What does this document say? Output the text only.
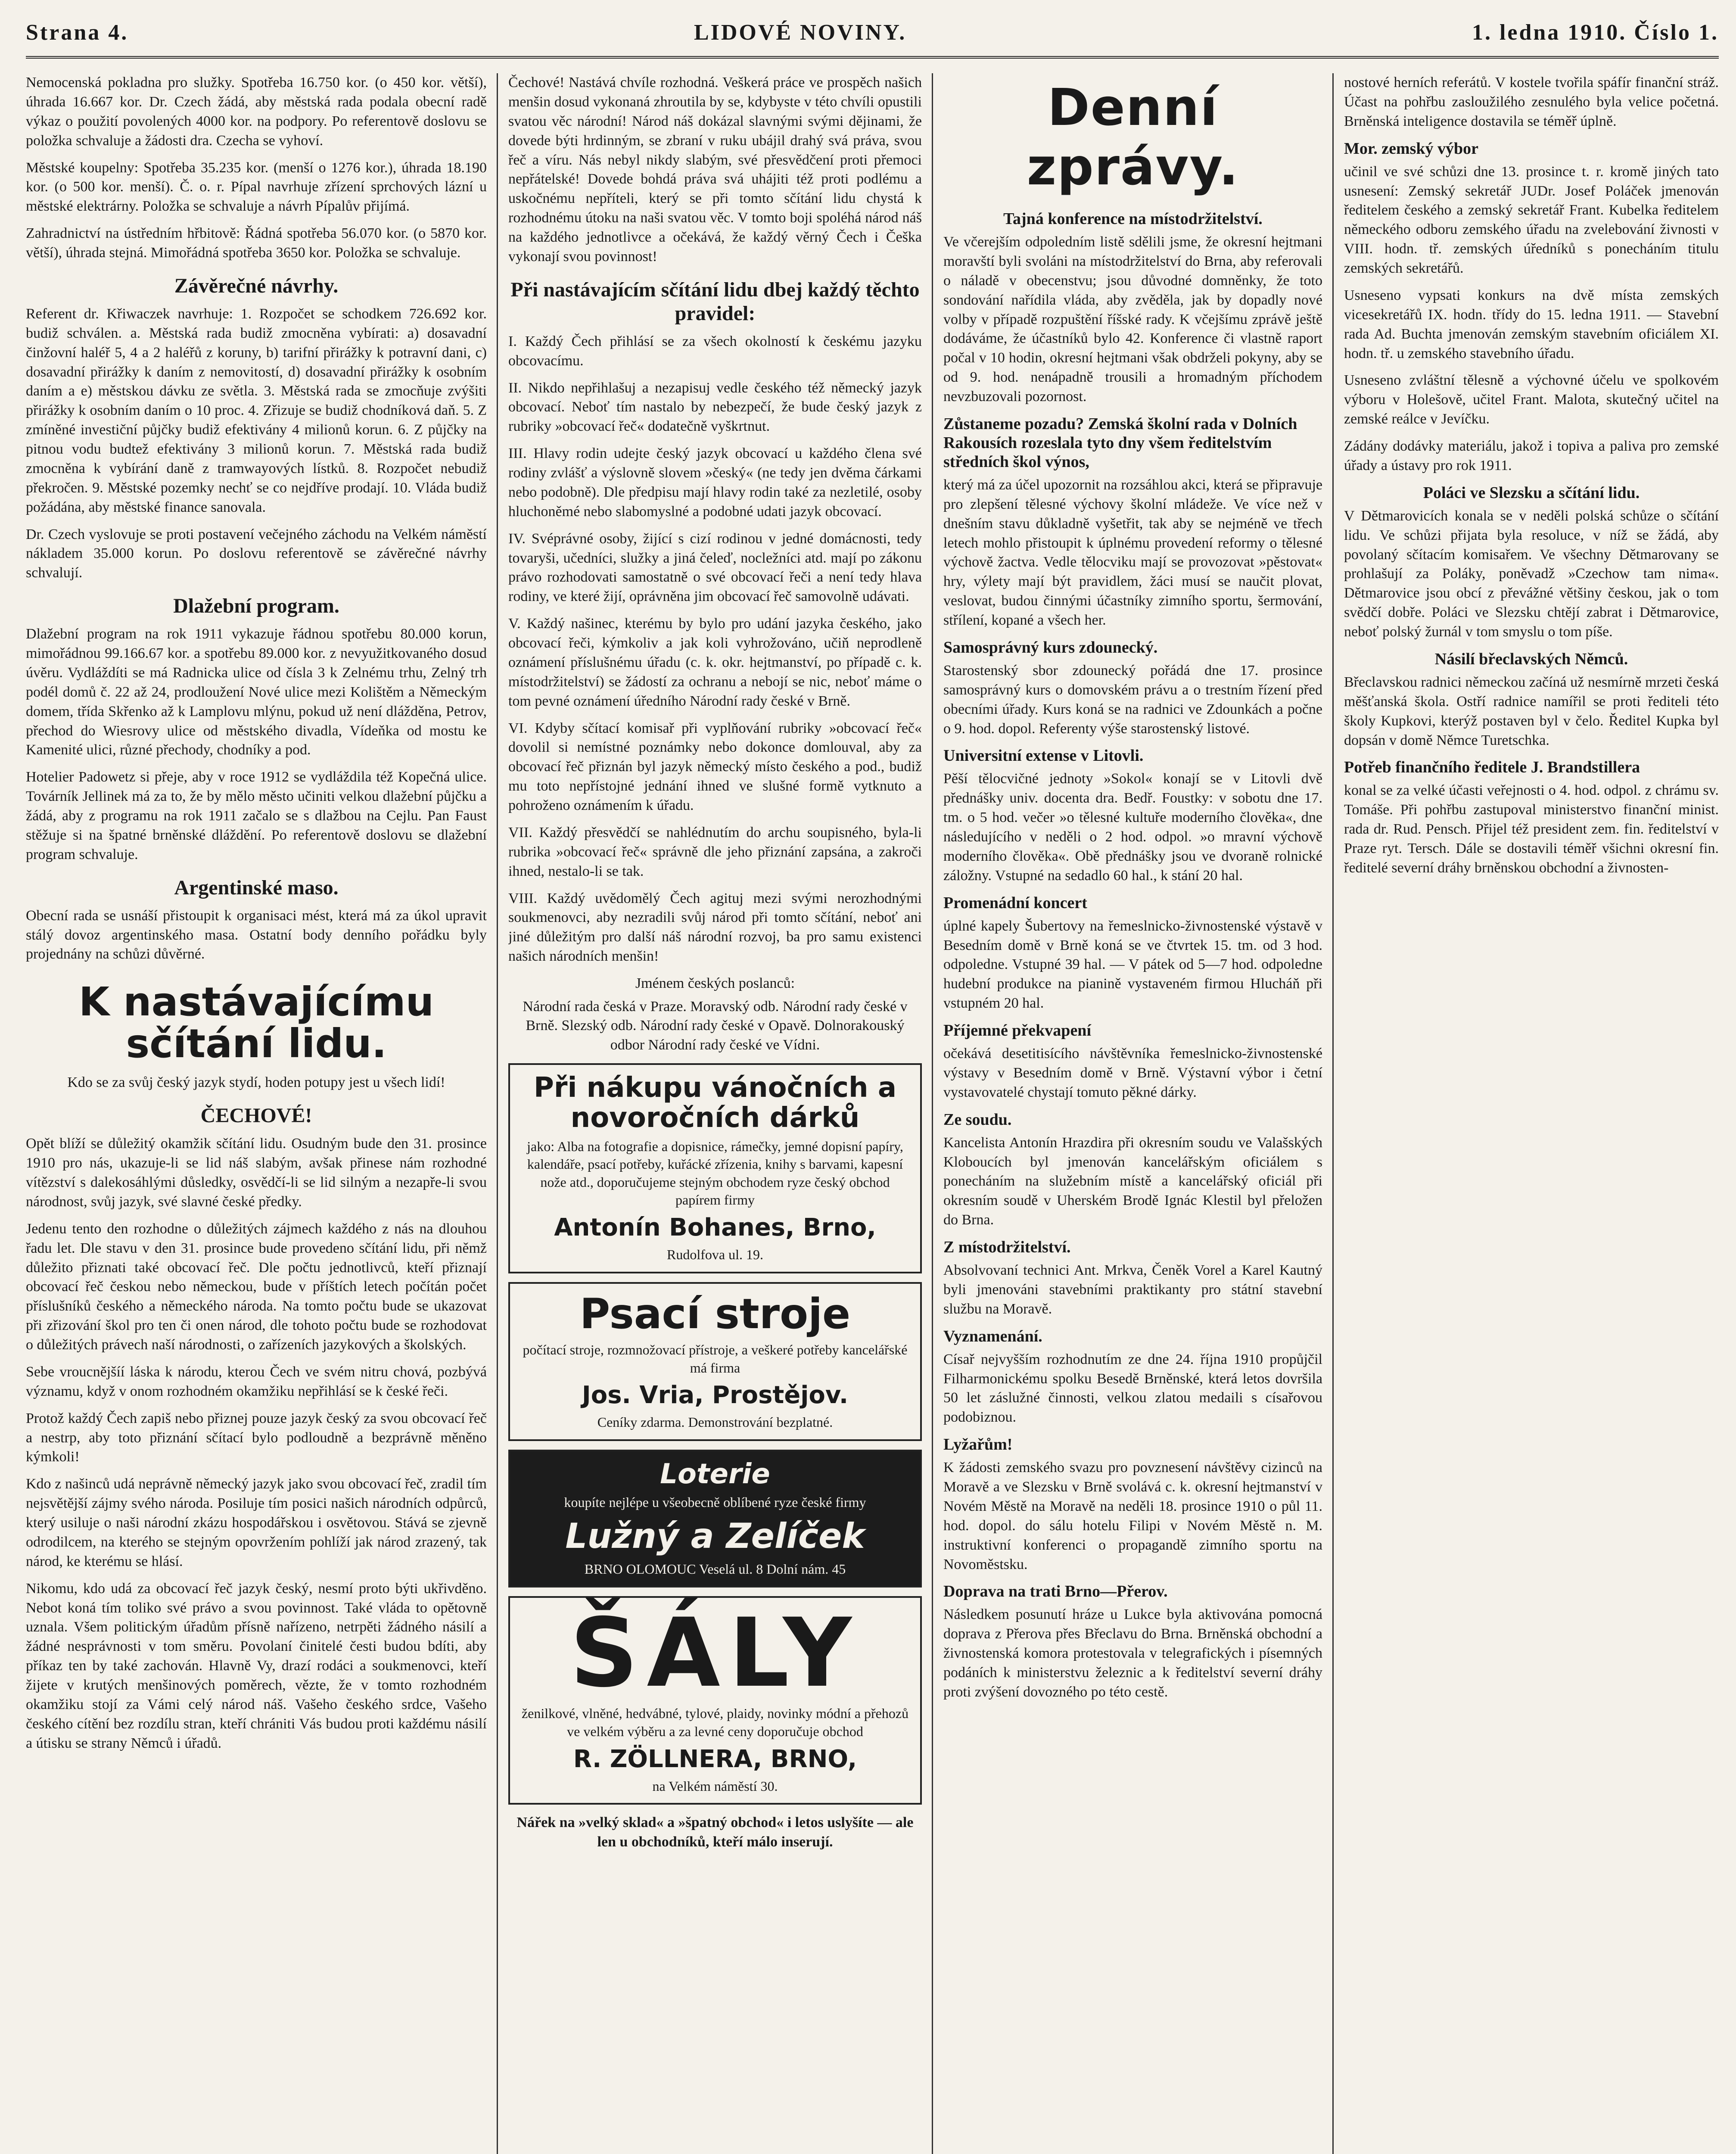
Strana 4.	LIDOVÉ NOVINY.	1. ledna 1910. Číslo 1.

Nemocenská pokladna pro služky. Spotřeba 16.750 kor. (o 450 kor. větší), úhrada 16.667 kor. Dr. Czech žádá, aby městská rada podala obecní radě výkaz o použití povolených 4000 kor. na podpory. Po referentově doslovu se položka schvaluje a žádosti dra. Czecha se vyhoví.

Městské koupelny: Spotřeba 35.235 kor. (menší o 1276 kor.), úhrada 18.190 kor. (o 500 kor. menší). Č. o. r. Pípal navrhuje zřízení sprchových lázní u městské elektrárny. Položka se schvaluje a návrh Pípalův přijímá.

Zahradnictví na ústředním hřbitově: Řádná spotřeba 56.070 kor. (o 5870 kor. větší), úhrada stejná. Mimořádná spotřeba 3650 kor. Položka se schvaluje.

Závěrečné návrhy.

Referent dr. Křiwaczek navrhuje: 1. Rozpočet se schodkem 726.692 kor. budiž schválen. a. Městská rada budiž zmocněna vybírati: a) dosavadní činžovní haléř 5, 4 a 2 haléřů z koruny, b) tarifní přirážky k potravní dani, c) dosavadní přirážky k daním z nemovitostí, d) dosavadní přirážky k osobním daním a e) městskou dávku ze světla. 3. Městská rada se zmocňuje zvýšiti přirážky k osobním daním o 10 proc. 4. Zřizuje se budiž chodníková daň. 5. Z zmíněné investiční půjčky budiž efektivány 4 milionů korun. 6. Z půjčky na pitnou vodu budtež efektivány 3 milionů korun. 7. Městská rada budiž zmocněna k vybírání daně z tramwayových lístků. 8. Rozpočet nebudiž překročen. 9. Městské pozemky nechť se co nejdříve prodají. 10. Vláda budiž požádána, aby městské finance sanovala.

Dr. Czech vyslovuje se proti postavení večejného záchodu na Velkém náměstí nákladem 35.000 korun. Po doslovu referentově se závěrečné návrhy schvalují.

Dlažební program.

Dlažební program na rok 1911 vykazuje řádnou spotřebu 80.000 korun, mimořádnou 99.166.67 kor. a spotřebu 89.000 kor. z nevyužitkovaného dosud úvěru. Vydláždíti se má Radnicka ulice od čísla 3 k Zelnému trhu, Zelný trh podél domů č. 22 až 24, prodloužení Nové ulice mezi Kolištěm a Německým domem, třída Skřenko až k Lamplovu mlýnu, pokud už není dlážděna, Petrov, přechod do Wiesrovy ulice od městského divadla, Vídeňka od mostu ke Kamenité ulici, různé přechody, chodníky a pod.

Hotelier Padowetz si přeje, aby v roce 1912 se vydláždila též Kopečná ulice. Továrník Jellinek má za to, že by mělo město učiniti velkou dlažební půjčku a žádá, aby z programu na rok 1911 začalo se s dlažbou na Cejlu. Pan Faust stěžuje si na špatné brněnské dláždění. Po referentově doslovu se dlažební program schvaluje.

Argentinské maso.

Obecní rada se usnáší přistoupit k organisaci mést, která má za úkol upravit stálý dovoz argentinského masa. Ostatní body denního pořádku byly projednány na schůzi důvěrné.

K nastávajícímu sčítání lidu.

Kdo se za svůj český jazyk stydí, hoden potupy jest u všech lidí!

ČECHOVÉ!

Opět blíží se důležitý okamžik sčítání lidu. Osudným bude den 31. prosince 1910 pro nás, ukazuje-li se lid náš slabým, avšak přinese nám rozhodné vítězství s dalekosáhlými důsledky, osvědčí-li se lid silným a nezapře-li svou národnost, svůj jazyk, své slavné české předky.

Jedenu tento den rozhodne o důležitých zájmech každého z nás na dlouhou řadu let. Dle stavu v den 31. prosince bude provedeno sčítání lidu, při němž důležito přiznati také obcovací řeč. Dle počtu jednotlivců, kteří přiznají obcovací řeč českou nebo německou, bude v příštích letech počítán počet příslušníků českého a německého národa. Na tomto počtu bude se ukazovat při zřizování škol pro ten či onen národ, dle tohoto počtu bude se rozhodovat o důležitých právech naší národnosti, o zařízeních jazykových a školských.

Sebe vroucnějšíí láska k národu, kterou Čech ve svém nitru chová, pozbývá významu, když v onom rozhodném okamžiku nepřihlásí se k české řeči.

Protož každý Čech zapiš nebo přiznej pouze jazyk český za svou obcovací řeč a nestrp, aby toto přiznání sčítací bylo podloudně a bezprávně měněno kýmkoli!

Kdo z našinců udá neprávně německý jazyk jako svou obcovací řeč, zradil tím nejsvětější zájmy svého národa. Posiluje tím posici našich národních odpůrců, který usiluje o naši národní zkázu hospodářskou i osvětovou. Stává se zjevně odrodilcem, na kterého se stejným opovržením pohlíží jak národ zrazený, tak národ, ke kterému se hlásí.

Nikomu, kdo udá za obcovací řeč jazyk český, nesmí proto býti ukřivděno. Nebot koná tím toliko své právo a svou povinnost. Také vláda to opětovně uznala. Všem politickým úřadům přísně nařízeno, netrpěti žádného násilí a žádné nesprávnosti v tom směru. Povolaní činitelé česti budou bdíti, aby příkaz ten by také zachován. Hlavně Vy, drazí rodáci a soukmenovci, kteří žijete v krutých menšinových poměrech, vězte, že v tomto rozhodném okamžiku stojí za Vámi celý národ náš. Vašeho českého srdce, Vašeho českého cítění bez rozdílu stran, kteří chrániti Vás budou proti každému násilí a útisku se strany Němců i úřadů.

Čechové! Nastává chvíle rozhodná. Veškerá práce ve prospěch našich menšin dosud vykonaná zhroutila by se, kdybyste v této chvíli opustili svatou věc národní! Národ náš dokázal slavnými svými dějinami, že dovede býti hrdinným, se zbraní v ruku ubájil drahý svá práva, svou řeč a víru. Nás nebyl nikdy slabým, své přesvědčení proti přemoci nepřátelské! Dovede bohdá práva svá uhájiti též proti podlému a uskočnému nepříteli, který se při tomto sčítání lidu chystá k rozhodnému útoku na naši svatou věc. V tomto boji spoléhá národ náš na každého jednotlivce a očekává, že každý věrný Čech i Češka vykonají svou povinnost!

Při nastávajícím sčítání lidu dbej každý těchto pravidel:

I. Každý Čech přihlásí se za všech okolností k českému jazyku obcovacímu.

II. Nikdo nepřihlašuj a nezapisuj vedle českého též německý jazyk obcovací. Neboť tím nastalo by nebezpečí, že bude český jazyk z rubriky »obcovací řeč« dodatečně vyškrtnut.

III. Hlavy rodin udejte český jazyk obcovací u každého člena své rodiny zvlášť a výslovně slovem »český« (ne tedy jen dvěma čárkami nebo podobně). Dle předpisu mají hlavy rodin také za nezletilé, osoby hluchoněmé nebo slabomyslné a podobné udati jazyk obcovací.

IV. Svéprávné osoby, žijící s cizí rodinou v jedné domácnosti, tedy tovaryši, učedníci, služky a jiná čeleď, nocležníci atd. mají po zákonu právo rozhodovati samostatně o své obcovací řeči a není tedy hlava rodiny, ve které žijí, oprávněna jim obcovací řeč samovolně udávati.

V. Každý našinec, kterému by bylo pro udání jazyka českého, jako obcovací řeči, kýmkoliv a jak koli vyhrožováno, učiň neprodleně oznámení příslušnému úřadu (c. k. okr. hejtmanství, po případě c. k. místodržitelství) se žádostí za ochranu a nebojí se nic, neboť máme o tom pevné oznámení úředního Národní rady české v Brně.

VI. Kdyby sčítací komisař při vyplňování rubriky »obcovací řeč« dovolil si nemístné poznámky nebo dokonce domlouval, aby za obcovací řeč přiznán byl jazyk německý místo českého a pod., budiž mu toto nepřístojné jednání ihned ve slušné formě vytknuto a pohroženo oznámením k úřadu.

VII. Každý přesvědčí se nahlédnutím do archu soupisného, byla-li rubrika »obcovací řeč« správně dle jeho přiznání zapsána, a zakroči ihned, nestalo-li se tak.

VIII. Každý uvědomělý Čech agituj mezi svými nerozhodnými soukmenovci, aby nezradili svůj národ při tomto sčítání, neboť ani jiné důležitým pro další náš národní rozvoj, ba pro samu existenci našich národních menšin!

Jménem českých poslanců:
Národní rada česká v Praze. Moravský odb. Národní rady české v Brně. Slezský odb. Národní rady české v Opavě. Dolnorakouský odbor Národní rady české ve Vídni.
Při nákupu vánočních a novoročních dárků
jako: Alba na fotografie a dopisnice, rámečky, jemné dopisní papíry, kalendáře, psací potřeby, kuřácké zřízenia, knihy s barvami, kapesní nože atd., doporučujeme stejným obchodem ryze český obchod papírem firmy
Antonín Bohanes, Brno,
Rudolfova ul. 19.
Psací stroje
počítací stroje, rozmnožovací přístroje, a veškeré potřeby kancelářské má firma
Jos. Vria, Prostějov.
Ceníky zdarma. Demonstrování bezplatné.
Loterie
koupíte nejlépe u všeobecně oblíbené ryze české firmy
Lužný a Zelíček
BRNO OLOMOUC Veselá ul. 8 Dolní nám. 45
ŠÁLY
ženilkové, vlněné, hedvábné, tylové, plaidy, novinky módní a přehozů ve velkém výběru a za levné ceny doporučuje obchod
R. ZÖLLNERA, BRNO,
na Velkém náměstí 30.

Nářek na »velký sklad« a »špatný obchod« i letos uslyšíte — ale len u obchodníků, kteří málo inserují.

Denní zprávy.
Tajná konference na místodržitelství.

Ve včerejším odpoledním listě sdělili jsme, že okresní hejtmani moravští byli svoláni na místodržitelství do Brna, aby referovali o náladě v obecenstvu; jsou důvodné domněnky, že toto sondování nařídila vláda, aby zvěděla, jak by dopadly nové volby v případě rozpuštění říšské rady. K včejšímu zprávě ještě dodáváme, že účastníků bylo 42. Konference či vlastně raport počal v 10 hodin, okresní hejtmani však obdrželi pokyny, aby se od 9. hod. nenápadně trousili a hromadným příchodem nevzbuzovali pozornost.

Zůstaneme pozadu? Zemská školní rada v Dolních Rakousích rozeslala tyto dny všem ředitelstvím středních škol výnos,

který má za účel upozornit na rozsáhlou akci, která se připravuje pro zlepšení tělesné výchovy školní mládeže. Ve více než v dnešním stavu důkladně vyšetřit, tak aby se nejméně ve třech letech mohlo přistoupit k úplnému provedení reformy o tělesné výchově žactva. Vedle tělocviku mají se provozovat »pěstovat« hry, výlety mají být pravidlem, žáci musí se naučit plovat, veslovat, budou činnými účastníky zimního sportu, šermování, střílení, kopané a všech her.

Samosprávný kurs zdounecký.

Starostenský sbor zdounecký pořádá dne 17. prosince samosprávný kurs o domovském právu a o trestním řízení před obecními úřady. Kurs koná se na radnici ve Zdounkách a počne o 9. hod. dopol. Referenty výše starostenský listové.

Universitní extense v Litovli.

Pěší tělocvičné jednoty »Sokol« konají se v Litovli dvě přednášky univ. docenta dra. Bedř. Foustky: v sobotu dne 17. tm. o 5 hod. večer »o tělesné kultuře moderního člověka«, dne následujícího v neděli o 2 hod. odpol. »o mravní výchově moderního člověka«. Obě přednášky jsou ve dvoraně rolnické záložny. Vstupné na sedadlo 60 hal., k stání 20 hal.

Promenádní koncert

úplné kapely Šubertovy na řemeslnicko-živnostenské výstavě v Besedním domě v Brně koná se ve čtvrtek 15. tm. od 3 hod. odpoledne. Vstupné 39 hal. — V pátek od 5—7 hod. odpoledne hudební produkce na pianině vystaveném firmou Hlucháň při vstupném 20 hal.

Příjemné překvapení

očekává desetitisícího návštěvníka řemeslnicko-živnostenské výstavy v Besedním domě v Brně. Výstavní výbor i četní vystavovatelé chystají tomuto pěkné dárky.

Ze soudu.

Kancelista Antonín Hrazdira při okresním soudu ve Valašských Kloboucích byl jmenován kancelářským oficiálem s ponecháním na služebním místě a kancelářský oficiál při okresním soudě v Uherském Brodě Ignác Klestil byl přeložen do Brna.

Z místodržitelství.

Absolvovaní technici Ant. Mrkva, Čeněk Vorel a Karel Kautný byli jmenováni stavebními praktikanty pro státní stavební službu na Moravě.

Vyznamenání.

Císař nejvyšším rozhodnutím ze dne 24. října 1910 propůjčil Filharmonickému spolku Besedě Brněnské, která letos dovršila 50 let záslužné činnosti, velkou zlatou medaili s císařovou podobiznou.

Lyžařům!

K žádosti zemského svazu pro povznesení návštěvy cizinců na Moravě a ve Slezsku v Brně svolává c. k. okresní hejtmanství v Novém Městě na Moravě na neděli 18. prosince 1910 o půl 11. hod. dopol. do sálu hotelu Filipi v Novém Městě n. M. instruktivní konferenci o propagandě zimního sportu na Novoměstsku.

Doprava na trati Brno—Přerov.

Následkem posunutí hráze u Lukce byla aktivována pomocná doprava z Přerova přes Břeclavu do Brna. Brněnská obchodní a živnostenská komora protestovala v telegrafických i písemných podáních k ministerstvu železnic a k ředitelství severní dráhy proti zvýšení dovozného po této cestě.

nostové herních referátů. V kostele tvořila spáfír finanční stráž. Účast na pohřbu zasloužilého zesnulého byla velice početná. Brněnská inteligence dostavila se téměř úplně.

Mor. zemský výbor

učinil ve své schůzi dne 13. prosince t. r. kromě jiných tato usnesení: Zemský sekretář JUDr. Josef Poláček jmenován ředitelem českého a zemský sekretář Frant. Kubelka ředitelem německého odboru zemského úřadu na zvelebování živnosti v VIII. hodn. tř. zemských úředníků s ponecháním titulu zemských sekretářů.

Usneseno vypsati konkurs na dvě místa zemských vicesekretářů IX. hodn. třídy do 15. ledna 1911. — Stavební rada Ad. Buchta jmenován zemským stavebním oficiálem XI. hodn. tř. u zemského stavebního úřadu.

Usneseno zvláštní tělesně a výchovné účelu ve spolkovém výboru v Holešově, učitel Frant. Malota, skutečný učitel na zemské reálce v Jevíčku.

Zádány dodávky materiálu, jakož i topiva a paliva pro zemské úřady a ústavy pro rok 1911.

Poláci ve Slezsku a sčítání lidu.

V Dětmarovicích konala se v neděli polská schůze o sčítání lidu. Ve schůzi přijata byla resoluce, v níž se žádá, aby povolaný sčítacím komisařem. Ve všechny Dětmarovany se prohlašují za Poláky, poněvadž »Czechow tam nima«. Dětmarovice jsou obcí z převážné většiny českou, jak o tom svědčí dobře. Poláci ve Slezsku chtějí zabrat i Dětmarovice, neboť polský žurnál v tom smyslu o tom píše.

Násilí břeclavských Němců.

Břeclavskou radnici německou začíná už nesmírně mrzeti česká měšťanská škola. Ostří radnice namířil se proti řediteli této školy Kupkovi, kterýž postaven byl v čelo. Ředitel Kupka byl dopsán v domě Němce Turetschka.

Potřeb finančního ředitele J. Brandstillera

konal se za velké účasti veřejnosti o 4. hod. odpol. z chrámu sv. Tomáše. Při pohřbu zastupoval ministerstvo finanční minist. rada dr. Rud. Pensch. Přijel též president zem. fin. ředitelství v Praze ryt. Tersch. Dále se dostavili téměř všichni okresní fin. ředitelé severní dráhy brněnskou obchodní a živnosten-
